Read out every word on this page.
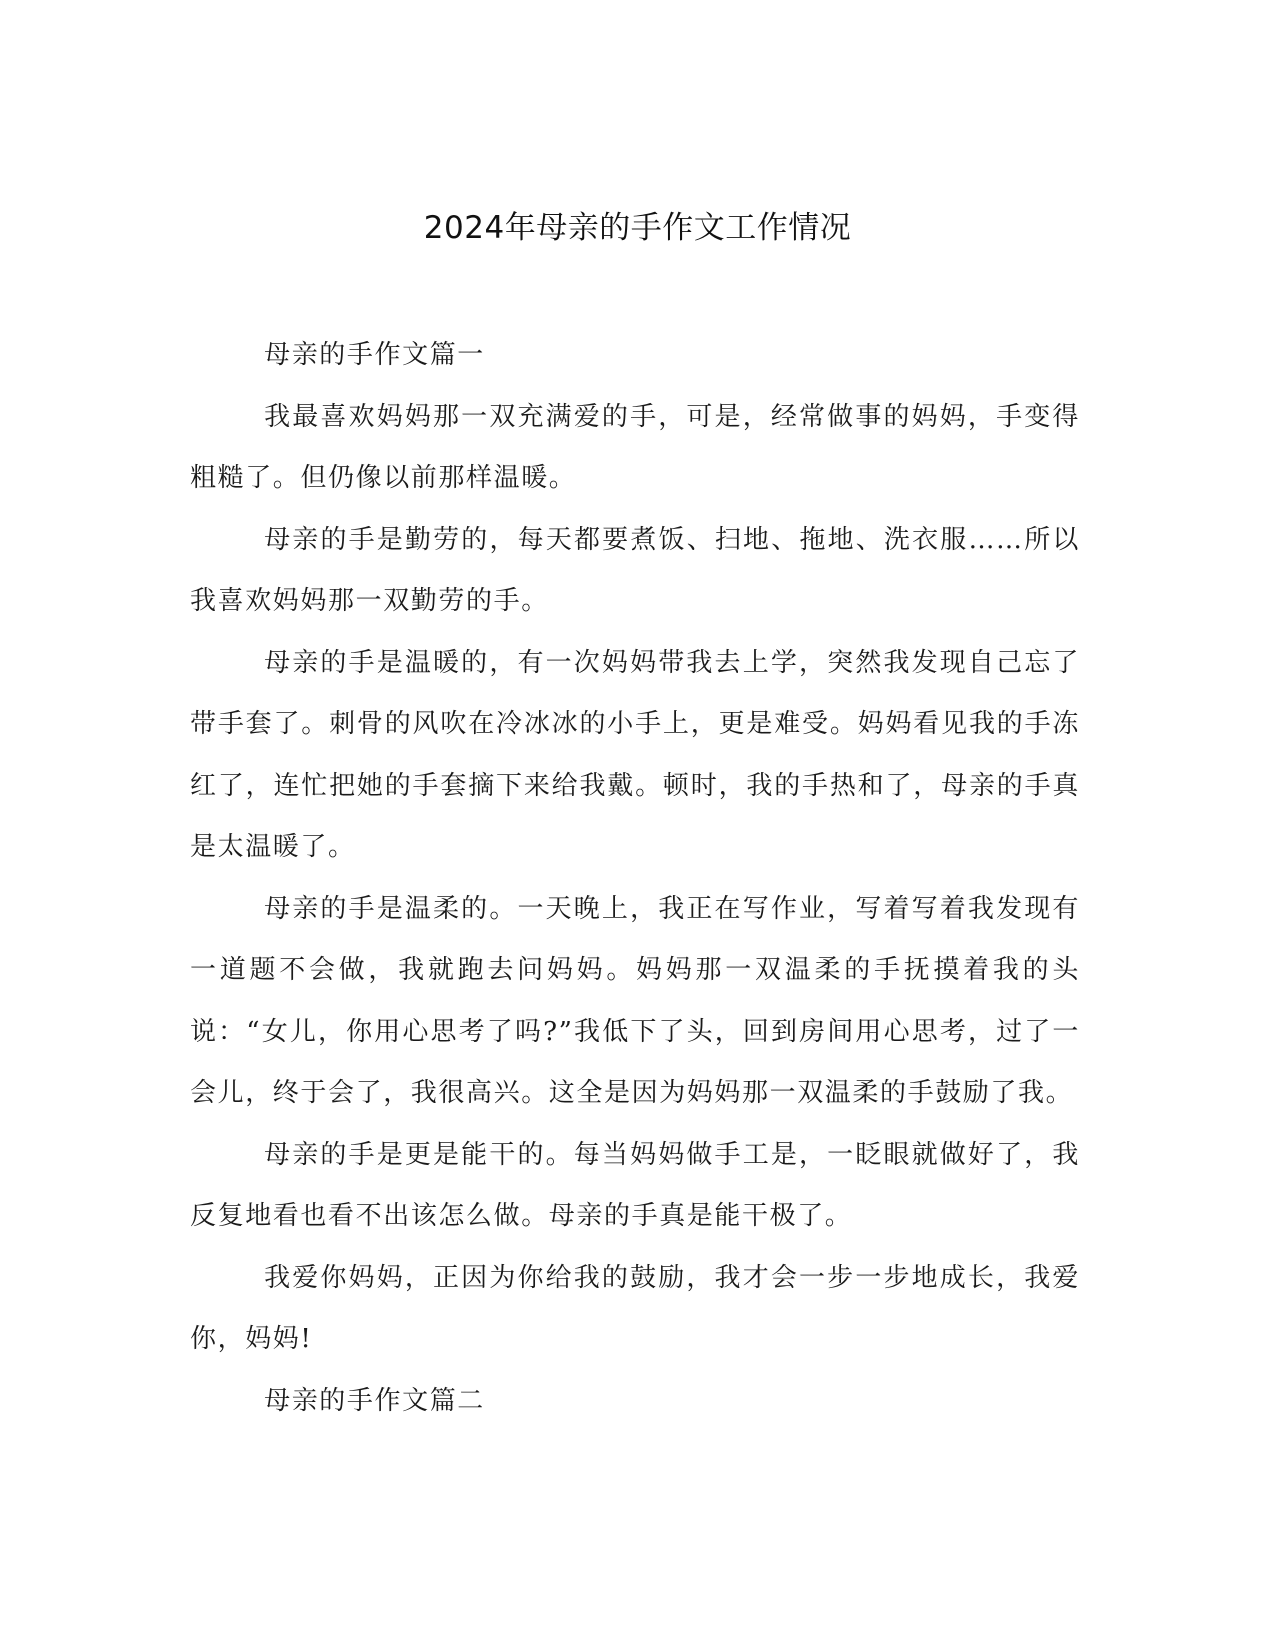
2024年母亲的手作文工作情况

母亲的手作文篇一

我最喜欢妈妈那一双充满爱的手，可是，经常做事的妈妈，手变得粗糙了。但仍像以前那样温暖。

母亲的手是勤劳的，每天都要煮饭、扫地、拖地、洗衣服……所以我喜欢妈妈那一双勤劳的手。

母亲的手是温暖的，有一次妈妈带我去上学，突然我发现自己忘了带手套了。刺骨的风吹在冷冰冰的小手上，更是难受。妈妈看见我的手冻红了，连忙把她的手套摘下来给我戴。顿时，我的手热和了，母亲的手真是太温暖了。

母亲的手是温柔的。一天晚上，我正在写作业，写着写着我发现有一道题不会做，我就跑去问妈妈。妈妈那一双温柔的手抚摸着我的头说：“女儿，你用心思考了吗?”我低下了头，回到房间用心思考，过了一会儿，终于会了，我很高兴。这全是因为妈妈那一双温柔的手鼓励了我。

母亲的手是更是能干的。每当妈妈做手工是，一眨眼就做好了，我反复地看也看不出该怎么做。母亲的手真是能干极了。

我爱你妈妈，正因为你给我的鼓励，我才会一步一步地成长，我爱你，妈妈!

母亲的手作文篇二
